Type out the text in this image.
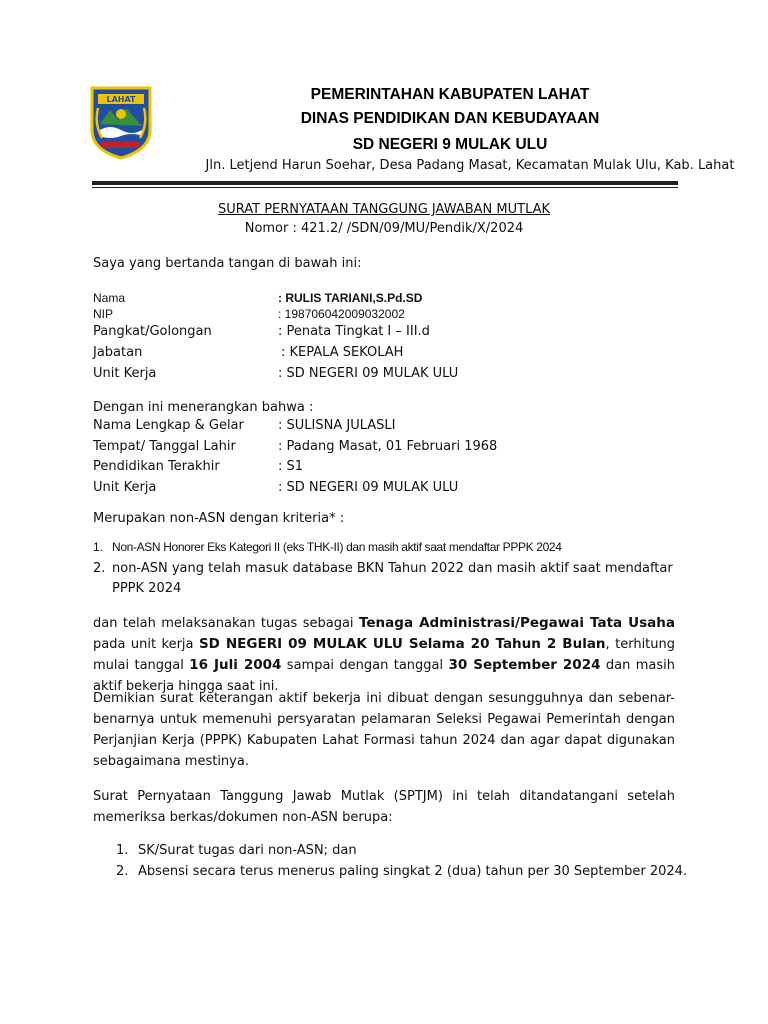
LAHAT	PEMERINTAHAN KABUPATEN LAHAT
DINAS PENDIDIKAN DAN KEBUDAYAAN
SD NEGERI 9 MULAK ULU
Jln. Letjend Harun Soehar, Desa Padang Masat, Kecamatan Mulak Ulu, Kab. Lahat
SURAT PERNYATAAN TANGGUNG JAWABAN MUTLAK
Nomor : 421.2/ /SDN/09/MU/Pendik/X/2024
Saya yang bertanda tangan di bawah ini:
Nama	: RULIS TARIANI,S.Pd.SD
NIP	: 198706042009032002
Pangkat/Golongan	: Penata Tingkat I – III.d
Jabatan	: KEPALA SEKOLAH
Unit Kerja	: SD NEGERI 09 MULAK ULU
Dengan ini menerangkan bahwa :
Nama Lengkap & Gelar	: SULISNA JULASLI
Tempat/ Tanggal Lahir	: Padang Masat, 01 Februari 1968
Pendidikan Terakhir	: S1
Unit Kerja	: SD NEGERI 09 MULAK ULU
Merupakan non-ASN dengan kriteria* :
1. Non-ASN Honorer Eks Kategori II (eks THK-II) dan masih aktif saat mendaftar PPPK 2024
2. non-ASN yang telah masuk database BKN Tahun 2022 dan masih aktif saat mendaftar
PPPK 2024
dan telah melaksanakan tugas sebagai Tenaga Administrasi/Pegawai Tata Usaha pada unit kerja SD NEGERI 09 MULAK ULU Selama 20 Tahun 2 Bulan, terhitung mulai tanggal 16 Juli 2004 sampai dengan tanggal 30 September 2024 dan masih aktif bekerja hingga saat ini.
Demikian surat keterangan aktif bekerja ini dibuat dengan sesungguhnya dan sebenar-benarnya untuk memenuhi persyaratan pelamaran Seleksi Pegawai Pemerintah dengan Perjanjian Kerja (PPPK) Kabupaten Lahat Formasi tahun 2024 dan agar dapat digunakan sebagaimana mestinya.
Surat Pernyataan Tanggung Jawab Mutlak (SPTJM) ini telah ditandatangani setelah memeriksa berkas/dokumen non-ASN berupa:
1. SK/Surat tugas dari non-ASN; dan
2. Absensi secara terus menerus paling singkat 2 (dua) tahun per 30 September 2024.
